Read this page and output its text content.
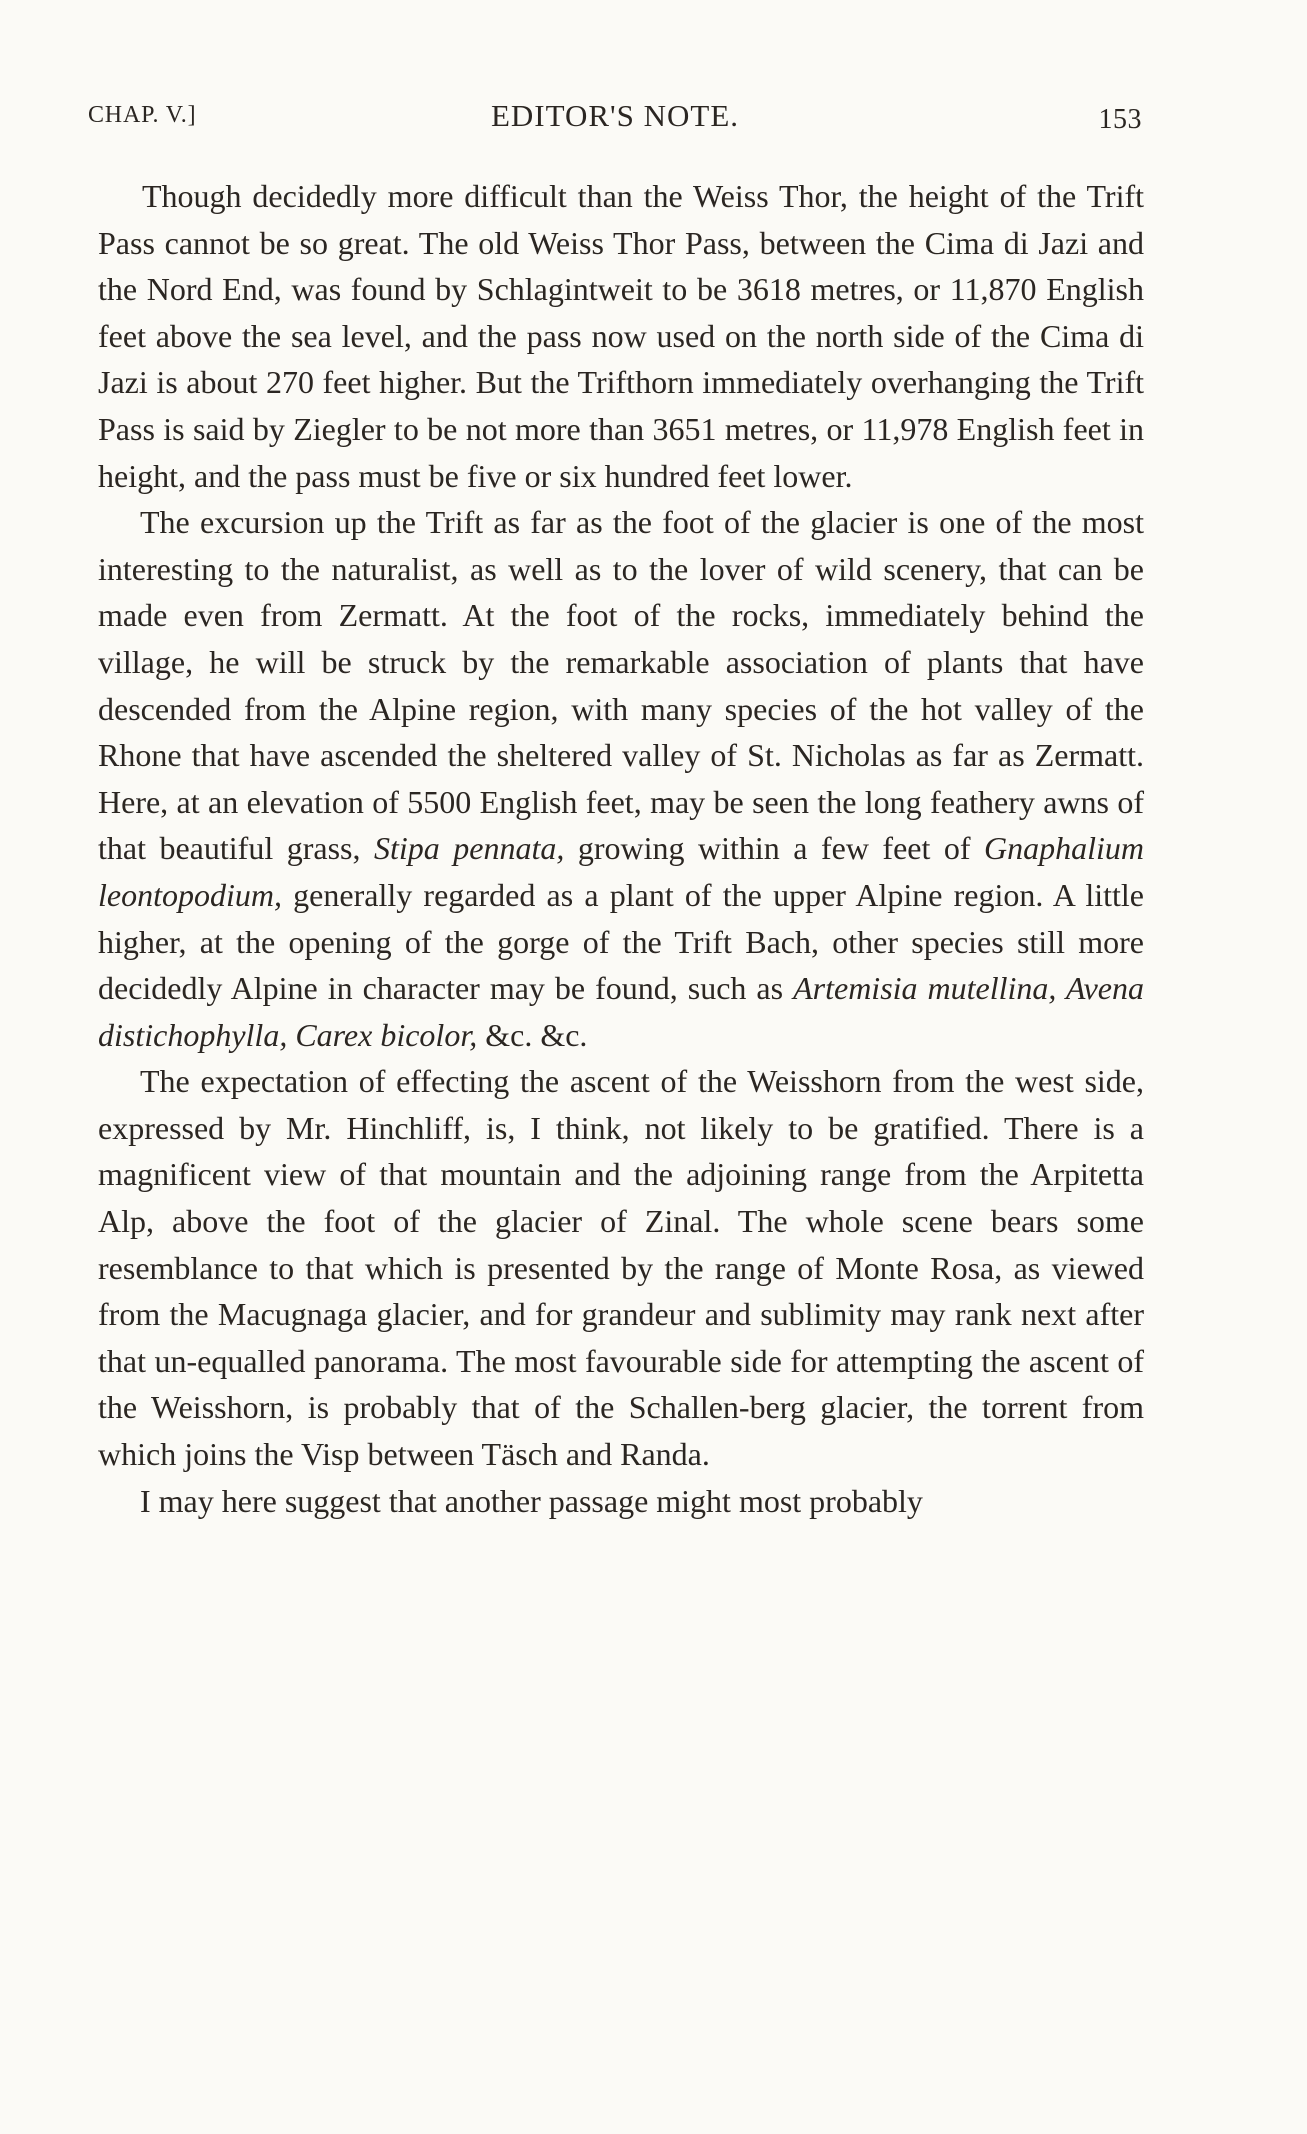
CHAP. V.]	EDITOR'S NOTE.	153

Though decidedly more difficult than the Weiss Thor, the height of the Trift Pass cannot be so great. The old Weiss Thor Pass, between the Cima di Jazi and the Nord End, was found by Schlagintweit to be 3618 metres, or 11,870 English feet above the sea level, and the pass now used on the north side of the Cima di Jazi is about 270 feet higher. But the Trifthorn immediately overhanging the Trift Pass is said by Ziegler to be not more than 3651 metres, or 11,978 English feet in height, and the pass must be five or six hundred feet lower.

The excursion up the Trift as far as the foot of the glacier is one of the most interesting to the naturalist, as well as to the lover of wild scenery, that can be made even from Zermatt. At the foot of the rocks, immediately behind the village, he will be struck by the remarkable association of plants that have descended from the Alpine region, with many species of the hot valley of the Rhone that have ascended the sheltered valley of St. Nicholas as far as Zermatt. Here, at an elevation of 5500 English feet, may be seen the long feathery awns of that beautiful grass, Stipa pennata, growing within a few feet of Gnaphalium leontopodium, generally regarded as a plant of the upper Alpine region. A little higher, at the opening of the gorge of the Trift Bach, other species still more decidedly Alpine in character may be found, such as Artemisia mutellina, Avena distichophylla, Carex bicolor, &c. &c.

The expectation of effecting the ascent of the Weisshorn from the west side, expressed by Mr. Hinchliff, is, I think, not likely to be gratified. There is a magnificent view of that mountain and the adjoining range from the Arpitetta Alp, above the foot of the glacier of Zinal. The whole scene bears some resemblance to that which is presented by the range of Monte Rosa, as viewed from the Macugnaga glacier, and for grandeur and sublimity may rank next after that un-equalled panorama. The most favourable side for attempting the ascent of the Weisshorn, is probably that of the Schallen-berg glacier, the torrent from which joins the Visp between Täsch and Randa.

I may here suggest that another passage might most probably
